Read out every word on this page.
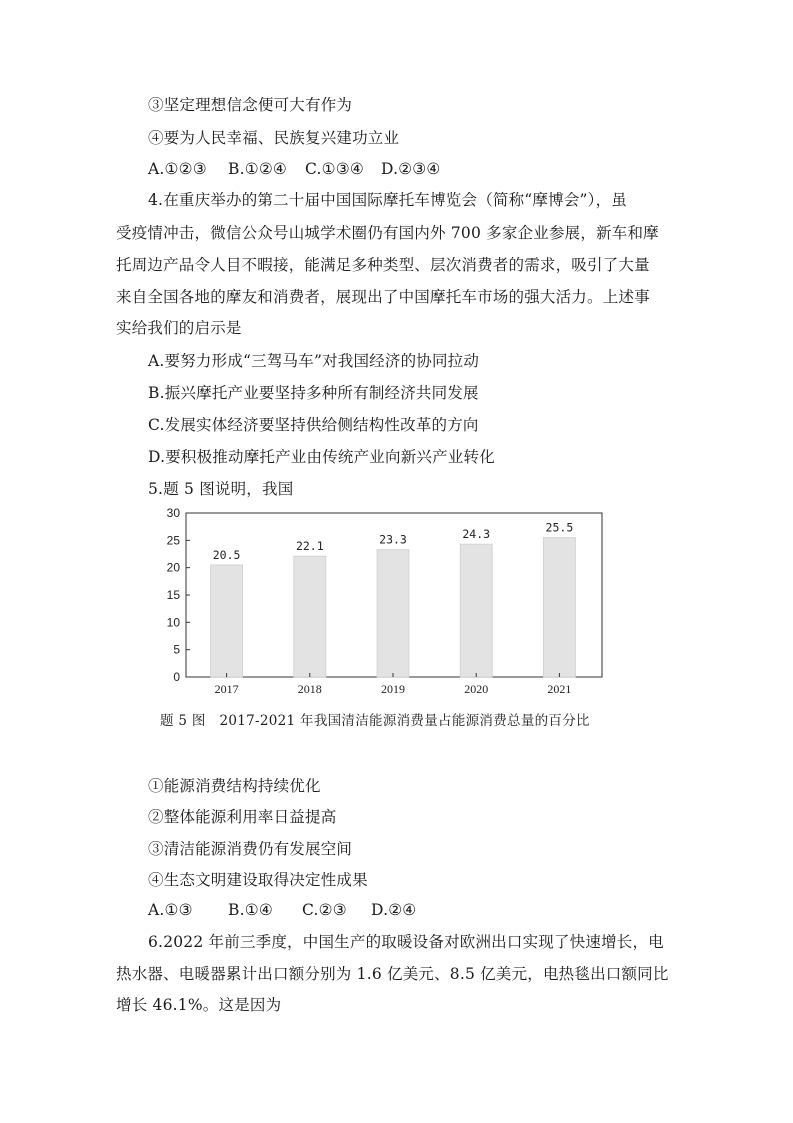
③坚定理想信念便可大有作为
④要为人民幸福、民族复兴建功立业
A.①②③ B.①②④ C.①③④ D.②③④
4.在重庆举办的第二十届中国国际摩托车博览会（简称“摩博会”），虽
受疫情冲击，微信公众号山城学术圈仍有国内外 700 多家企业参展，新车和摩
托周边产品令人目不暇接，能满足多种类型、层次消费者的需求，吸引了大量
来自全国各地的摩友和消费者，展现出了中国摩托车市场的强大活力。上述事
实给我们的启示是
A.要努力形成“三驾马车”对我国经济的协同拉动
B.振兴摩托产业要坚持多种所有制经济共同发展
C.发展实体经济要坚持供给侧结构性改革的方向
D.要积极推动摩托产业由传统产业向新兴产业转化
5.题 5 图说明，我国
0
5
10
15
20
25
30
20.5
2017
22.1
2018
23.3
2019
24.3
2020
25.5
2021
题 5 图　2017-2021 年我国清洁能源消费量占能源消费总量的百分比
①能源消费结构持续优化
②整体能源利用率日益提高
③清洁能源消费仍有发展空间
④生态文明建设取得决定性成果
A.①③ B.①④ C.②③ D.②④
6.2022 年前三季度，中国生产的取暖设备对欧洲出口实现了快速增长，电
热水器、电暖器累计出口额分别为 1.6 亿美元、8.5 亿美元，电热毯出口额同比
增长 46.1%。这是因为
